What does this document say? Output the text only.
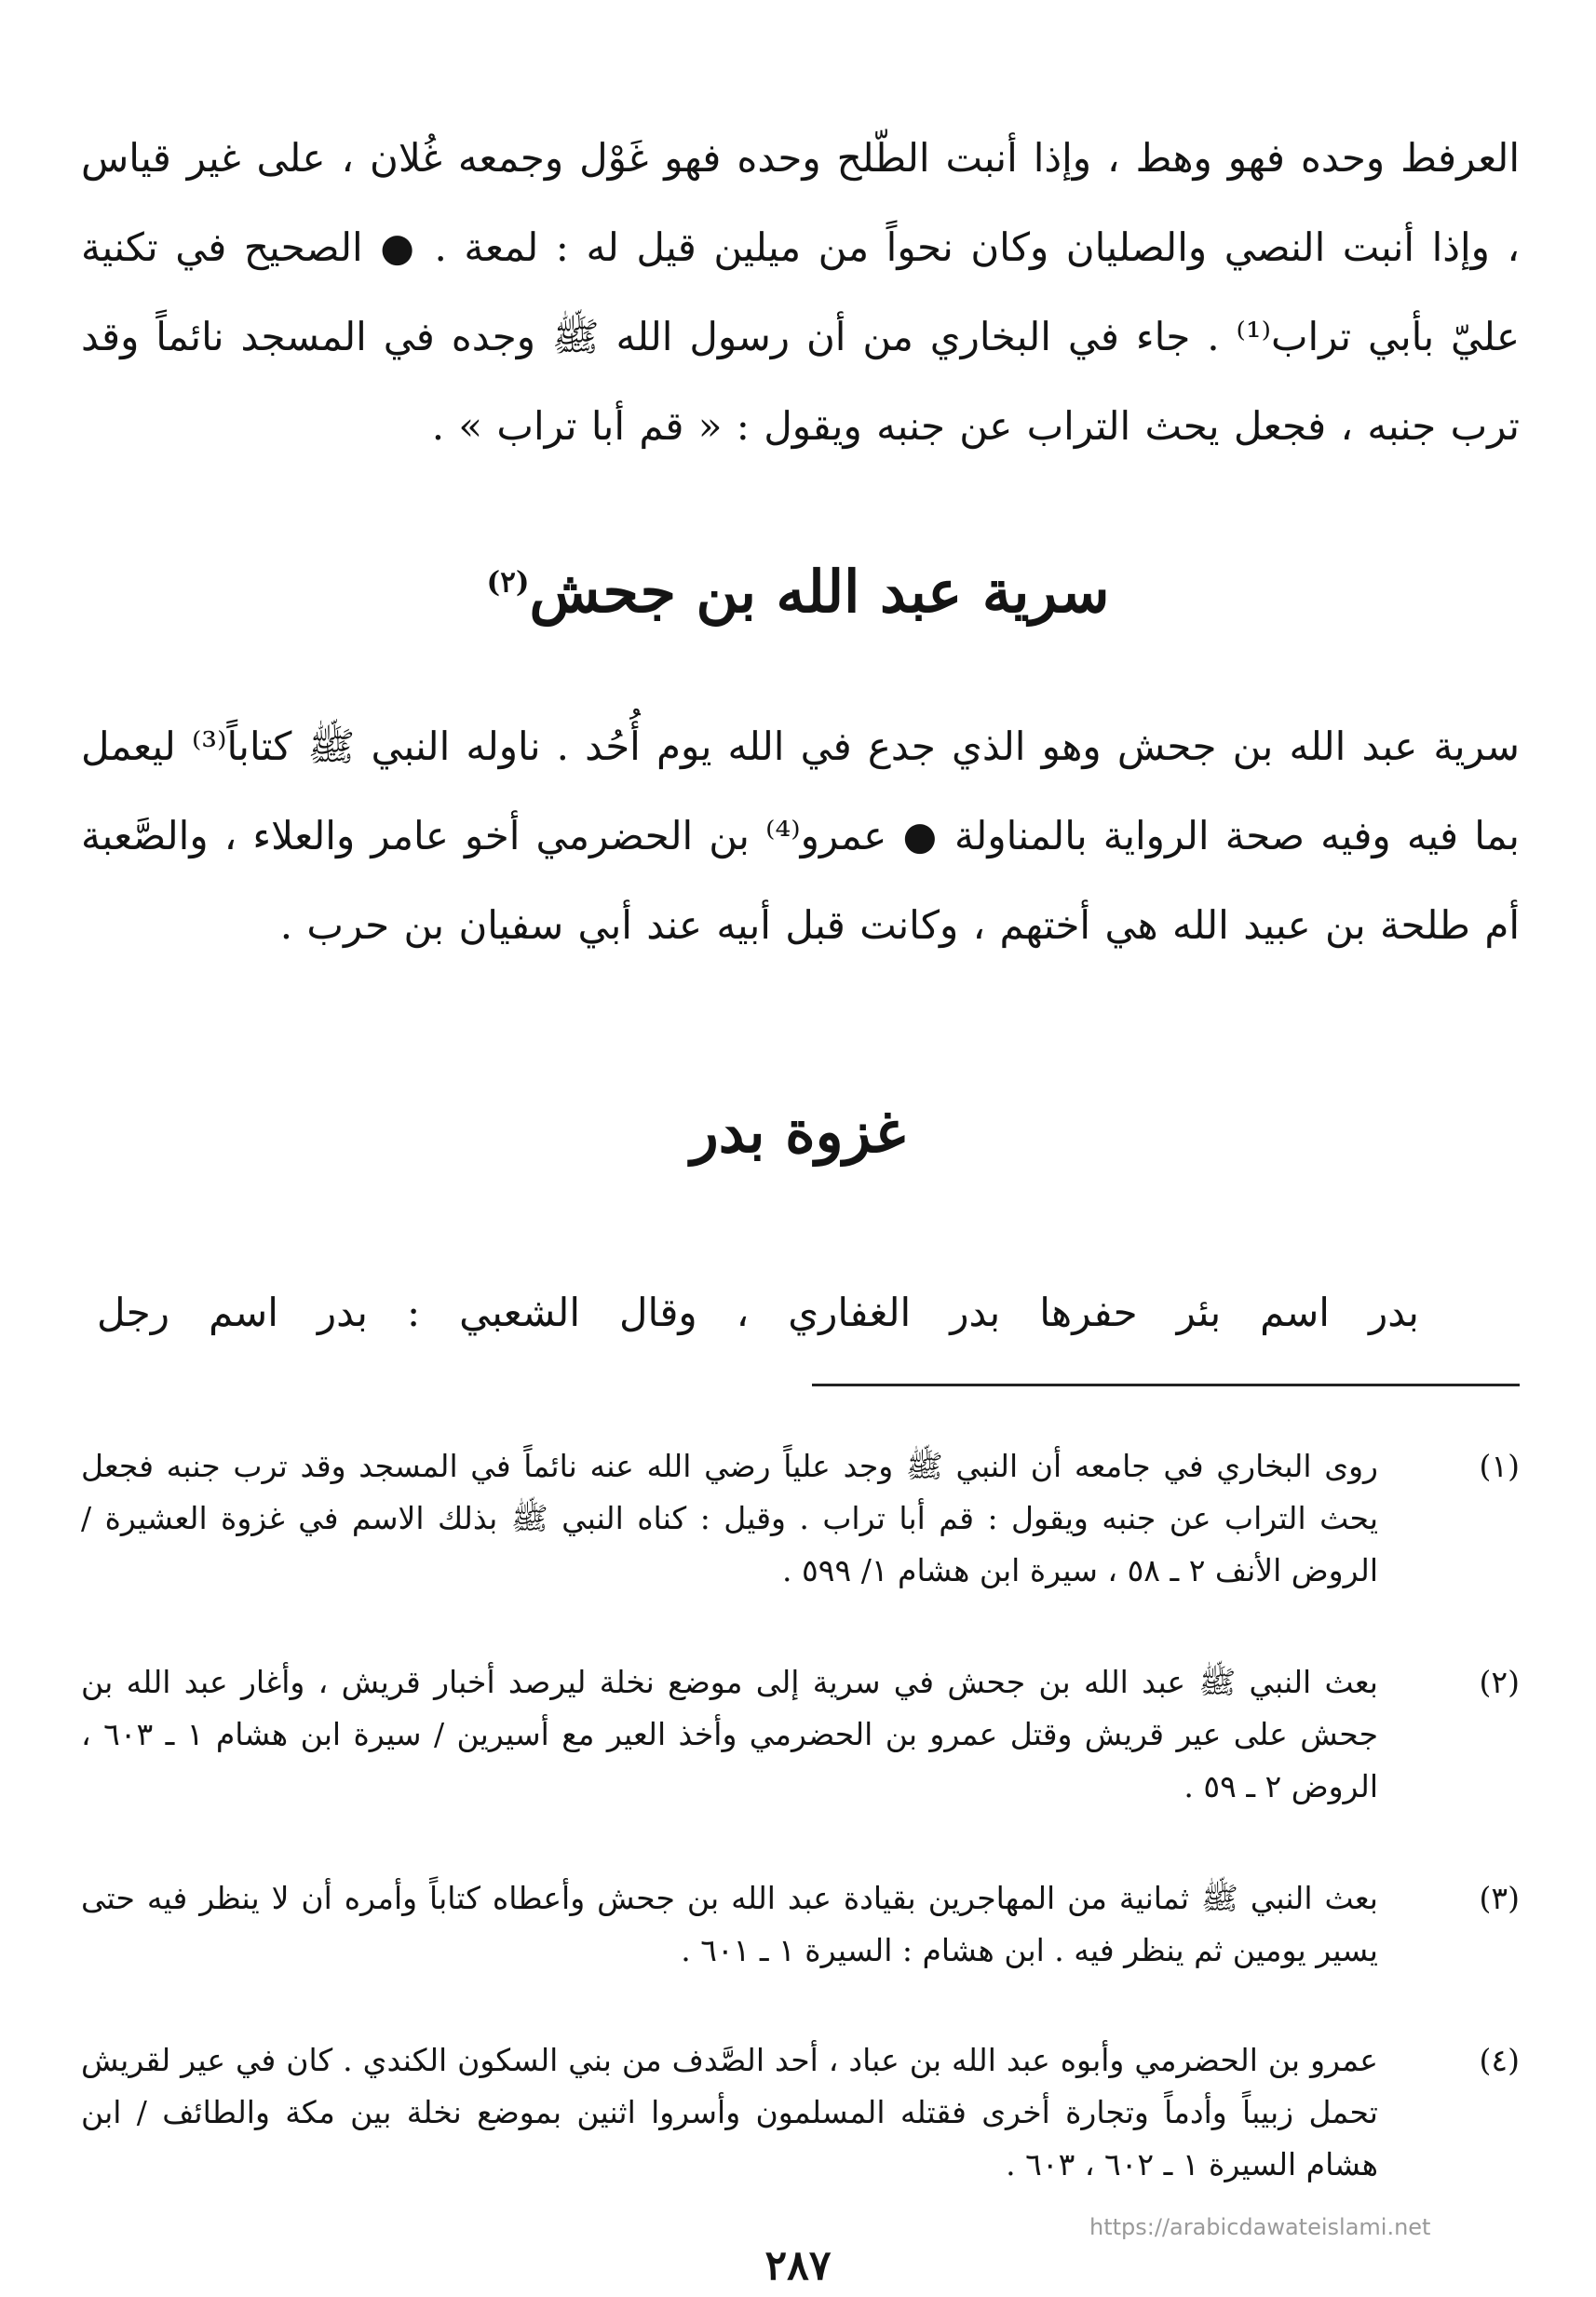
العرفط وحده فهو وهط ، وإذا أنبت الطّلح وحده فهو غَوْل وجمعه غُلان ، على غير قياس ، وإذا أنبت النصي والصليان وكان نحواً من ميلين قيل له : لمعة . ● الصحيح في تكنية عليّ بأبي تراب⁽¹⁾ . جاء في البخاري من أن رسول الله ﷺ وجده في المسجد نائماً وقد ترب جنبه ، فجعل يحث التراب عن جنبه ويقول : « قم أبا تراب » .

سرية عبد الله بن جحش$^{(٢)}$

سرية عبد الله بن جحش وهو الذي جدع في الله يوم أُحُد . ناوله النبي ﷺ كتاباً⁽³⁾ ليعمل بما فيه وفيه صحة الرواية بالمناولة ● عمرو⁽⁴⁾ بن الحضرمي أخو عامر والعلاء ، والصَّعبة أم طلحة بن عبيد الله هي أختهم ، وكانت قبل أبيه عند أبي سفيان بن حرب .

غزوة بدر

بدر اسم بئر حفرها بدر الغفاري ، وقال الشعبي : بدر اسم رجل

(١)
روى البخاري في جامعه أن النبي ﷺ وجد علياً رضي الله عنه نائماً في المسجد وقد ترب جنبه فجعل يحث التراب عن جنبه ويقول : قم أبا تراب . وقيل : كناه النبي ﷺ بذلك الاسم في غزوة العشيرة / الروض الأنف ٢ ـ ٥٨ ، سيرة ابن هشام ١/ ٥٩٩ .
(٢)
بعث النبي ﷺ عبد الله بن جحش في سرية إلى موضع نخلة ليرصد أخبار قريش ، وأغار عبد الله بن جحش على عير قريش وقتل عمرو بن الحضرمي وأخذ العير مع أسيرين / سيرة ابن هشام ١ ـ ٦٠٣ ، الروض ٢ ـ ٥٩ .
(٣)
بعث النبي ﷺ ثمانية من المهاجرين بقيادة عبد الله بن جحش وأعطاه كتاباً وأمره أن لا ينظر فيه حتى يسير يومين ثم ينظر فيه . ابن هشام : السيرة ١ ـ ٦٠١ .
(٤)
عمرو بن الحضرمي وأبوه عبد الله بن عباد ، أحد الصَّدف من بني السكون الكندي . كان في عير لقريش تحمل زبيباً وأدماً وتجارة أخرى فقتله المسلمون وأسروا اثنين بموضع نخلة بين مكة والطائف / ابن هشام السيرة ١ ـ ٦٠٢ ، ٦٠٣ .
https://arabicdawateislami.net
٢٨٧
